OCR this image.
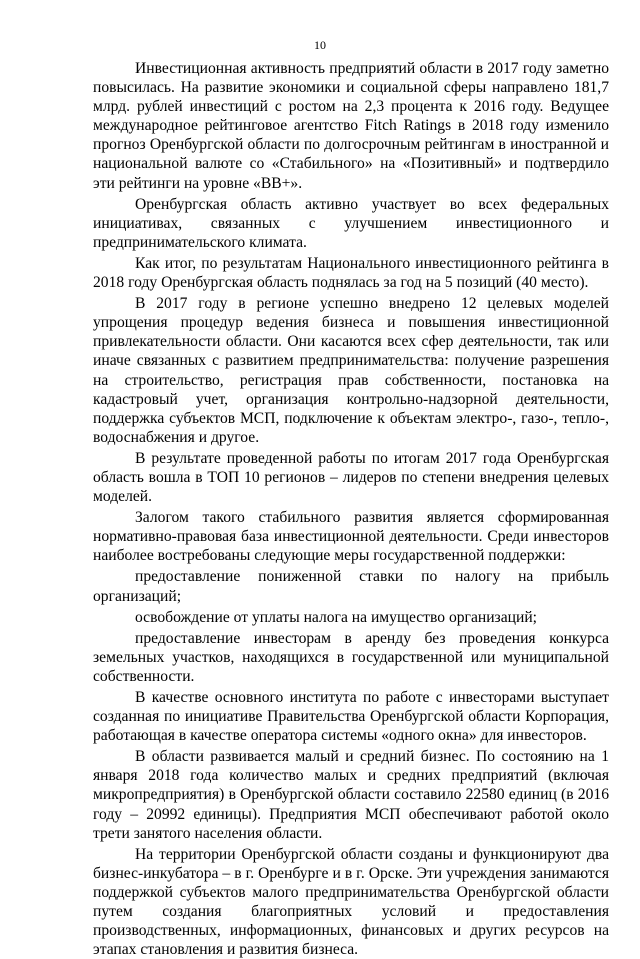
10

Инвестиционная активность предприятий области в 2017 году заметно повысилась. На развитие экономики и социальной сферы направлено 181,7 млрд. рублей инвестиций с ростом на 2,3 процента к 2016 году. Ведущее международное рейтинговое агентство Fitch Ratings в 2018 году изменило прогноз Оренбургской области по долгосрочным рейтингам в иностранной и национальной валюте со «Стабильного» на «Позитивный» и подтвердило эти рейтинги на уровне «ВВ+».

Оренбургская область активно участвует во всех федеральных инициативах, связанных с улучшением инвестиционного и предпринимательского климата.

Как итог, по результатам Национального инвестиционного рейтинга в 2018 году Оренбургская область поднялась за год на 5 позиций (40 место).

В 2017 году в регионе успешно внедрено 12 целевых моделей упрощения процедур ведения бизнеса и повышения инвестиционной привлекательности области. Они касаются всех сфер деятельности, так или иначе связанных с развитием предпринимательства: получение разрешения на строительство, регистрация прав собственности, постановка на кадастровый учет, организация контрольно-надзорной деятельности, поддержка субъектов МСП, подключение к объектам электро-, газо-, тепло-, водоснабжения и другое.

В результате проведенной работы по итогам 2017 года Оренбургская область вошла в ТОП 10 регионов – лидеров по степени внедрения целевых моделей.

Залогом такого стабильного развития является сформированная нормативно-правовая база инвестиционной деятельности. Среди инвесторов наиболее востребованы следующие меры государственной поддержки:

предоставление пониженной ставки по налогу на прибыль организаций;

освобождение от уплаты налога на имущество организаций;

предоставление инвесторам в аренду без проведения конкурса земельных участков, находящихся в государственной или муниципальной собственности.

В качестве основного института по работе с инвесторами выступает созданная по инициативе Правительства Оренбургской области Корпорация, работающая в качестве оператора системы «одного окна» для инвесторов.

В области развивается малый и средний бизнес. По состоянию на 1 января 2018 года количество малых и средних предприятий (включая микропредприятия) в Оренбургской области составило 22580 единиц (в 2016 году – 20992 единицы). Предприятия МСП обеспечивают работой около трети занятого населения области.

На территории Оренбургской области созданы и функционируют два бизнес-инкубатора – в г. Оренбурге и в г. Орске. Эти учреждения занимаются поддержкой субъектов малого предпринимательства Оренбургской области путем создания благоприятных условий и предоставления производственных, информационных, финансовых и других ресурсов на этапах становления и развития бизнеса.
